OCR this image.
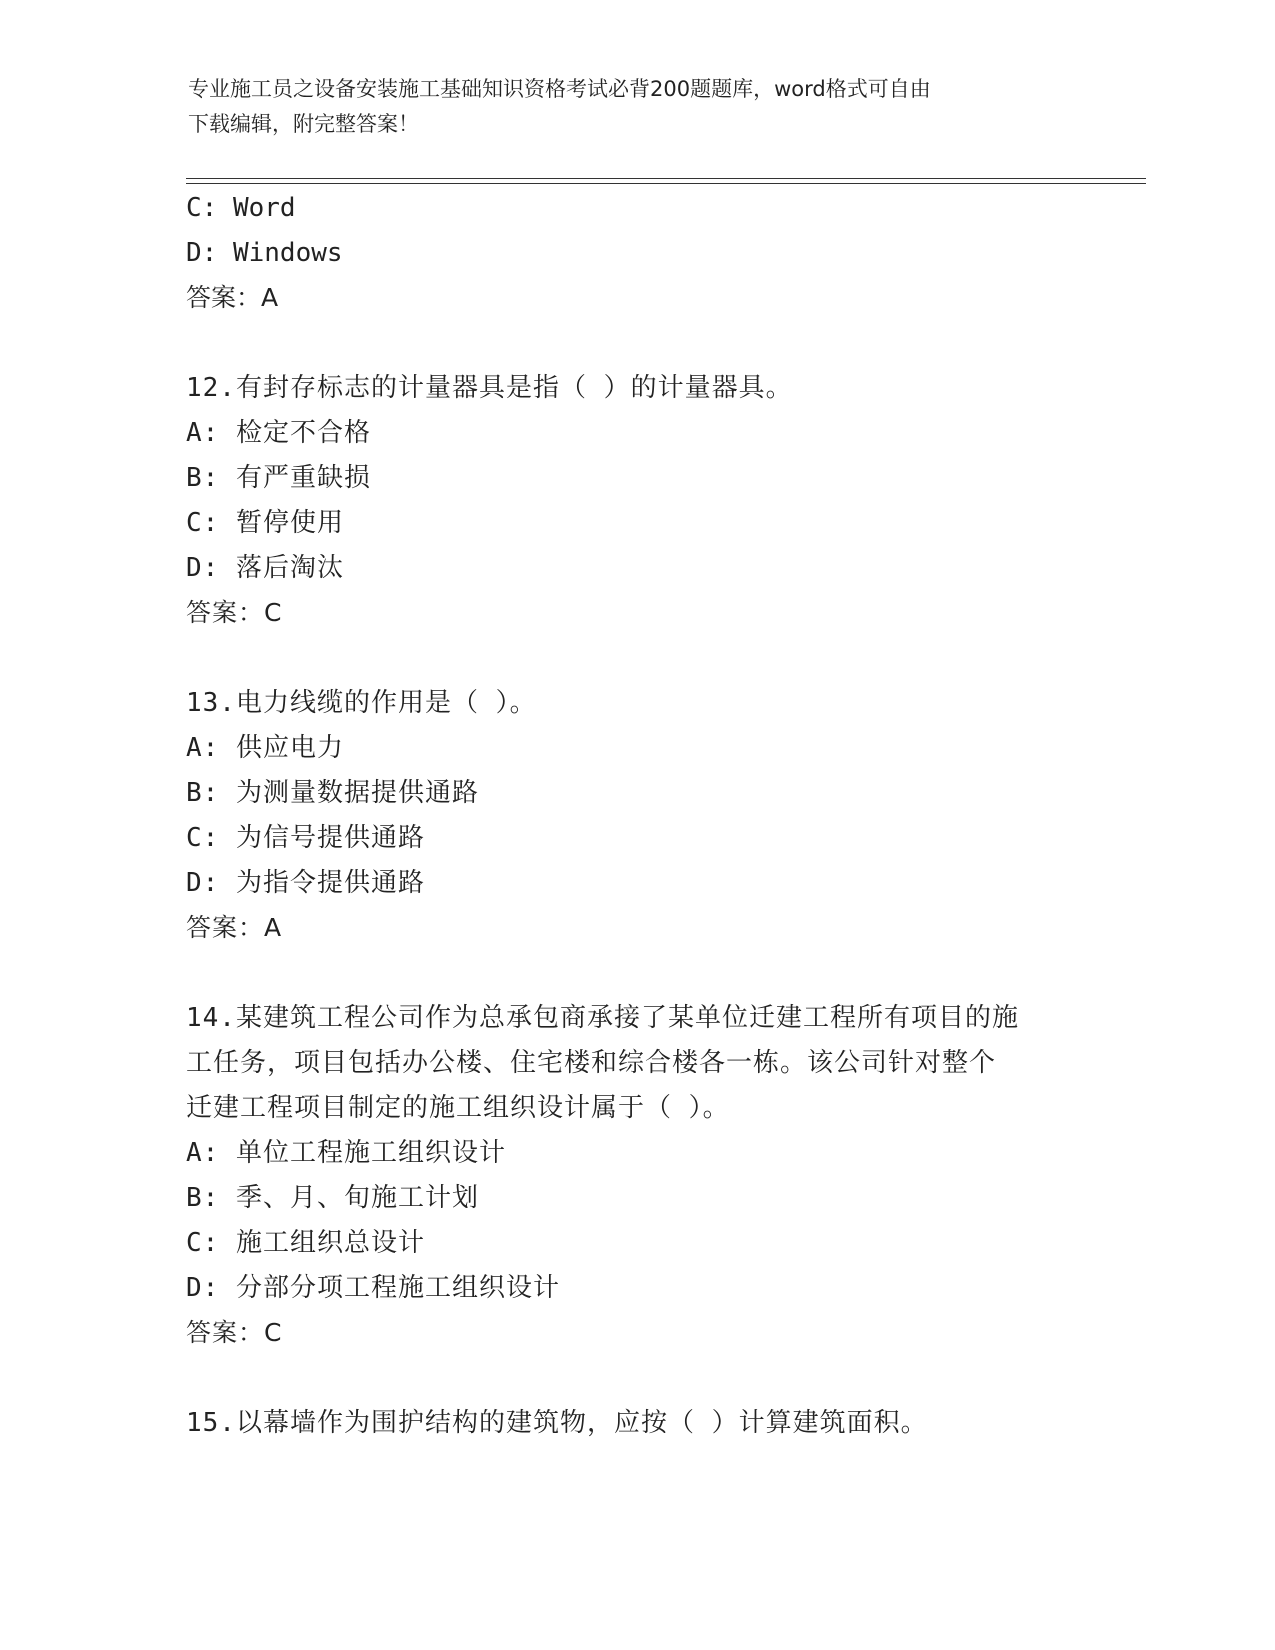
专业施工员之设备安装施工基础知识资格考试必背200题题库，word格式可自由
下载编辑，附完整答案！
C: Word
D: Windows
答案：A
12.有封存标志的计量器具是指（ ）的计量器具。
A: 检定不合格
B: 有严重缺损
C: 暂停使用
D: 落后淘汰
答案：C
13.电力线缆的作用是（ ）。
A: 供应电力
B: 为测量数据提供通路
C: 为信号提供通路
D: 为指令提供通路
答案：A
14.某建筑工程公司作为总承包商承接了某单位迁建工程所有项目的施
工任务，项目包括办公楼、住宅楼和综合楼各一栋。该公司针对整个
迁建工程项目制定的施工组织设计属于（ ）。
A: 单位工程施工组织设计
B: 季、月、旬施工计划
C: 施工组织总设计
D: 分部分项工程施工组织设计
答案：C
15.以幕墙作为围护结构的建筑物，应按（ ）计算建筑面积。
